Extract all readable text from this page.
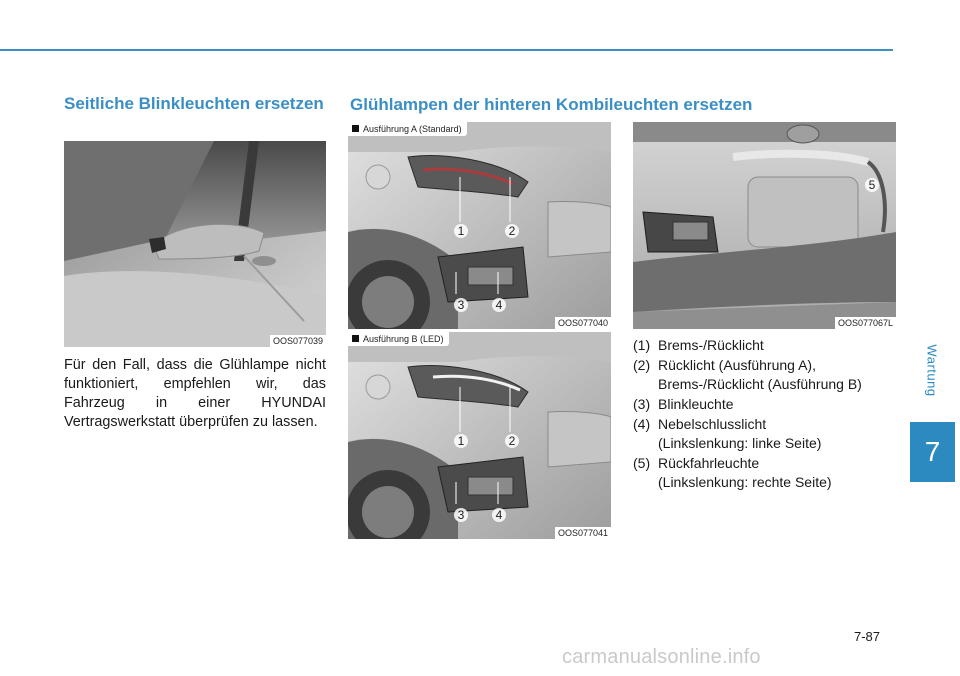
Wartung
7
Seitliche Blinkleuchten ersetzen Glühlampen der hinteren Kombileuchten ersetzen
OOS077039

Für den Fall, dass die Glühlampe nicht funktioniert, empfehlen wir, das Fahrzeug in einer HYUNDAI Vertragswerkstatt überprüfen zu lassen.

Ausführung A (Standard)
1	2
3	4
OOS077040
Ausführung B (LED)
1	2
3	4
OOS077041
5
OOS077067L
(1) Brems-/Rücklicht
(2) Rücklicht (Ausführung A),
Brems-/Rücklicht (Ausführung B)
(3) Blinkleuchte
(4) Nebelschlusslicht
(Linkslenkung: linke Seite)
(5) Rückfahrleuchte
(Linkslenkung: rechte Seite)
7-87
carmanualsonline.info
